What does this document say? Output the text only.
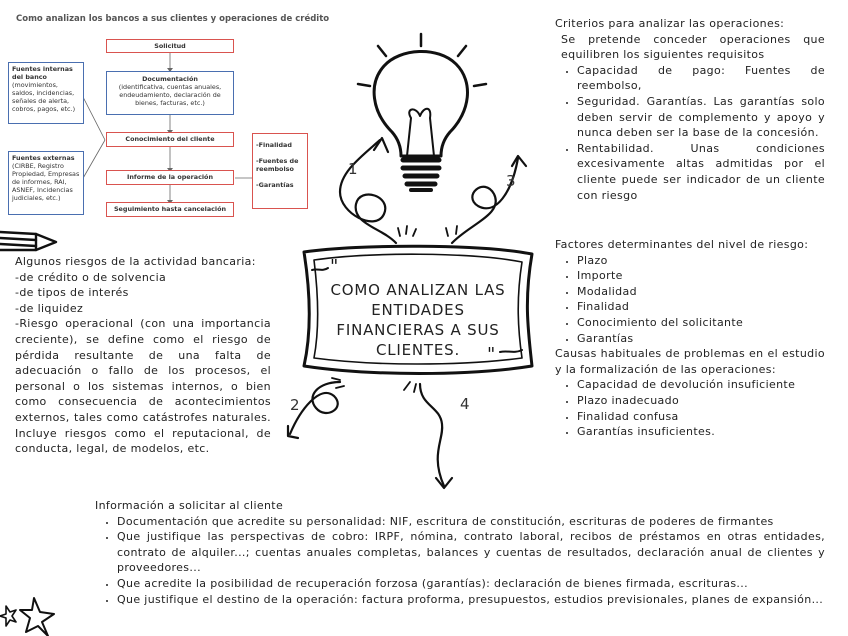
Como analizan los bancos a sus clientes y operaciones de crédito
Solicitud
Documentación
(identificativa, cuentas anuales, endeudamiento, declaración de bienes, facturas, etc.)
Fuentes internas del banco
(movimientos, saldos, incidencias, señales de alerta, cobros, pagos, etc.)
Fuentes externas
(CIRBE, Registro Propiedad, Empresas de informes, RAI, ASNEF, Incidencias judiciales, etc.)
Conocimiento del cliente
Informe de la operación
Seguimiento hasta cancelación
-Finalidad
-Fuentes de reembolso
-Garantías
"
"
1
2
3
4
COMO ANALIZAN LAS ENTIDADES FINANCIERAS A SUS CLIENTES.
Criterios para analizar las operaciones:
Se pretende conceder operaciones que equilibren los siguientes requisitos
• Capacidad de pago: Fuentes de reembolso,
• Seguridad. Garantías. Las garantías solo deben servir de complemento y apoyo y nunca deben ser la base de la concesión.
• Rentabilidad. Unas condiciones excesivamente altas admitidas por el cliente puede ser indicador de un cliente con riesgo
Factores determinantes del nivel de riesgo:
• Plazo
• Importe
• Modalidad
• Finalidad
• Conocimiento del solicitante
• Garantías
Causas habituales de problemas en el estudio y la formalización de las operaciones:
• Capacidad de devolución insuficiente
• Plazo inadecuado
• Finalidad confusa
• Garantías insuficientes.
Algunos riesgos de la actividad bancaria:
-de crédito o de solvencia
-de tipos de interés
-de liquidez
-Riesgo operacional (con una importancia creciente), se define como el riesgo de pérdida resultante de una falta de adecuación o fallo de los procesos, el personal o los sistemas internos, o bien como consecuencia de acontecimientos externos, tales como catástrofes naturales. Incluye riesgos como el reputacional, de conducta, legal, de modelos, etc.
Información a solicitar al cliente
• Documentación que acredite su personalidad: NIF, escritura de constitución, escrituras de poderes de firmantes
• Que justifique las perspectivas de cobro: IRPF, nómina, contrato laboral, recibos de préstamos en otras entidades, contrato de alquiler...; cuentas anuales completas, balances y cuentas de resultados, declaración anual de clientes y proveedores...
• Que acredite la posibilidad de recuperación forzosa (garantías): declaración de bienes firmada, escrituras...
• Que justifique el destino de la operación: factura proforma, presupuestos, estudios previsionales, planes de expansión...
